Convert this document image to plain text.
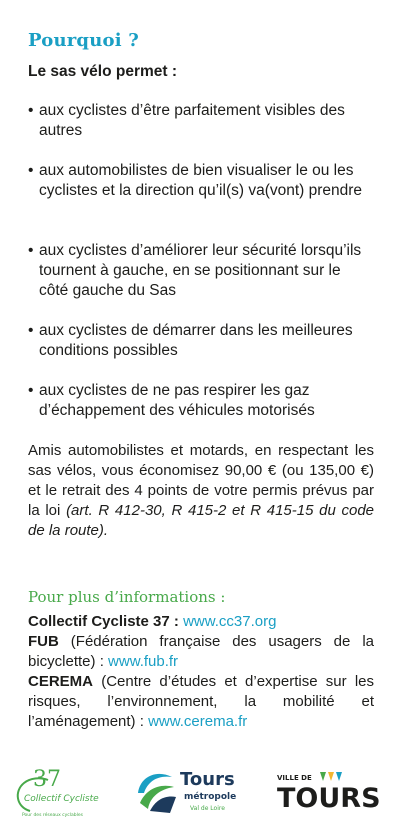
Pourquoi ?
Le sas vélo permet :
• aux cyclistes d’être parfaitement visibles des autres
• aux automobilistes de bien visualiser le ou les cyclistes et la direction qu’il(s) va(vont) prendre
• aux cyclistes d’améliorer leur sécurité lorsqu’ils tournent à gauche, en se positionnant sur le côté gauche du Sas
• aux cyclistes de démarrer dans les meilleures conditions possibles
• aux cyclistes de ne pas respirer les gaz d’échappement des véhicules motorisés
Amis automobilistes et motards, en respectant les sas vélos, vous économisez 90,00 € (ou 135,00 €) et le retrait des 4 points de votre permis prévus par la loi (art. R 412-30, R 415-2 et R 415-15 du code de la route).
Pour plus d’informations :
Collectif Cycliste 37 : www.cc37.org
FUB (Fédération française des usagers de la bicyclette) : www.fub.fr
CEREMA (Centre d’études et d’expertise sur les risques, l’environnement, la mobilité et l’aménagement) : www.cerema.fr
37
Collectif Cycliste
Pour des réseaux cyclables
Tours
métropole
Val de Loire
VILLE DE
TOURS
